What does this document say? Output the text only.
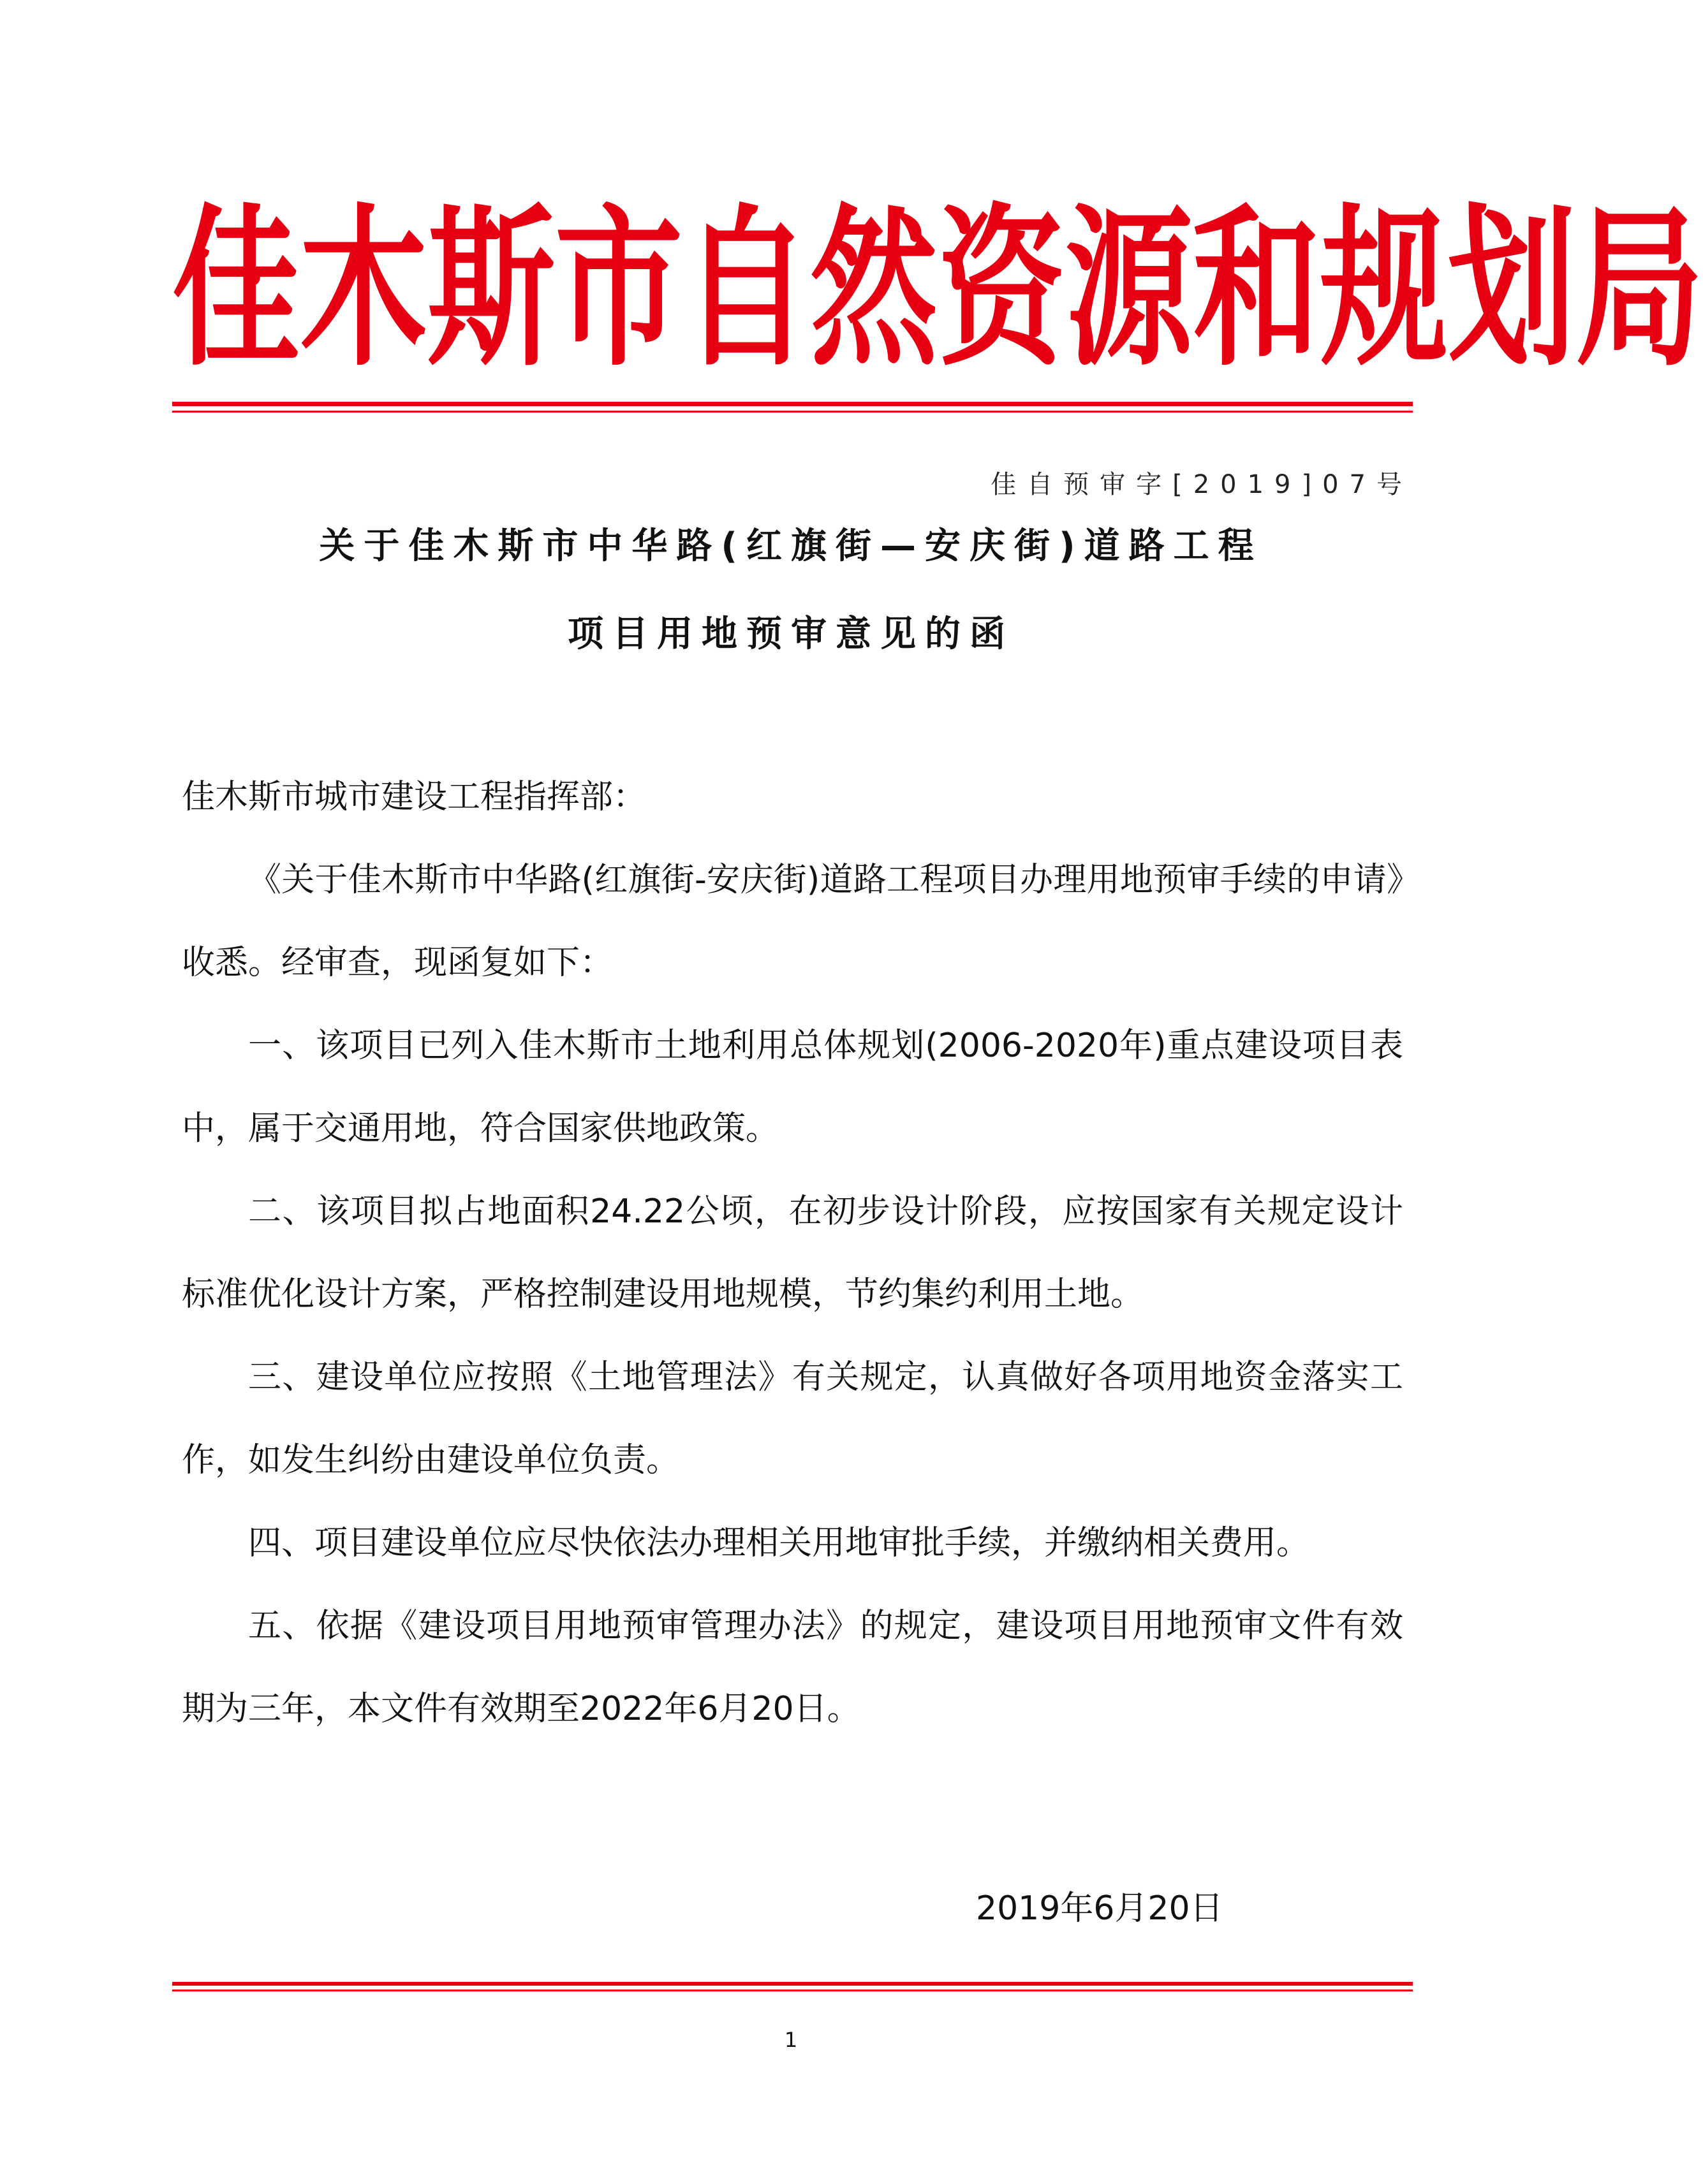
佳 木 斯 市 自 然 资 源 和 规 划 局
佳自预审字[2019]07号
关于佳木斯市中华路(红旗街—安庆街)道路工程
项目用地预审意见的函

佳木斯市城市建设工程指挥部：

《关于佳木斯市中华路(红旗街-安庆街)道路工程项目办理用地预审手续的申请》收悉。经审查，现函复如下：

一、该项目已列入佳木斯市土地利用总体规划(2006-2020年)重点建设项目表中，属于交通用地，符合国家供地政策。

二、该项目拟占地面积24.22公顷，在初步设计阶段，应按国家有关规定设计标准优化设计方案，严格控制建设用地规模，节约集约利用土地。

三、建设单位应按照《土地管理法》有关规定，认真做好各项用地资金落实工作，如发生纠纷由建设单位负责。

四、项目建设单位应尽快依法办理相关用地审批手续，并缴纳相关费用。

五、依据《建设项目用地预审管理办法》的规定，建设项目用地预审文件有效期为三年，本文件有效期至2022年6月20日。

2019年6月20日
1
